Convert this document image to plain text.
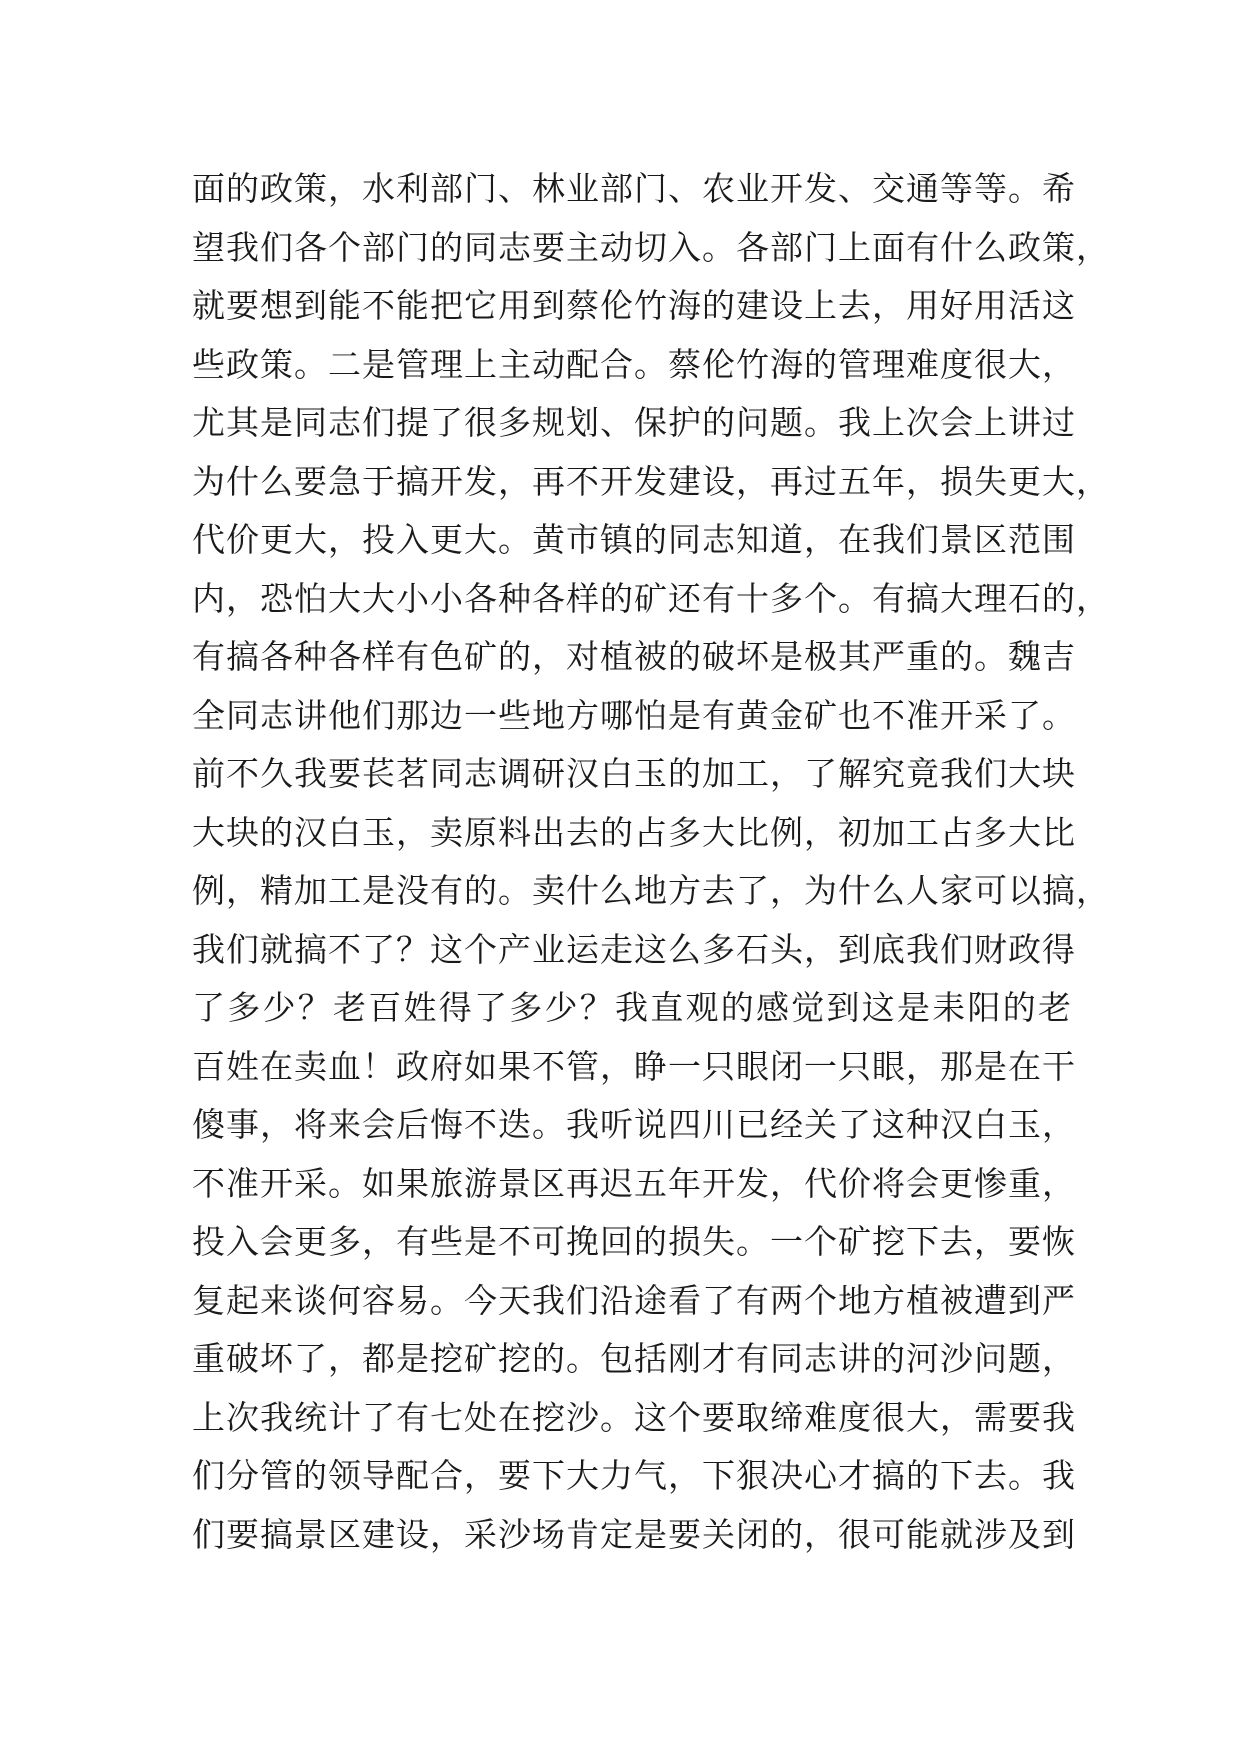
面的政策，水利部门、林业部门、农业开发、交通等等。希
望我们各个部门的同志要主动切入。各部门上面有什么政策，
就要想到能不能把它用到蔡伦竹海的建设上去，用好用活这
些政策。二是管理上主动配合。蔡伦竹海的管理难度很大，
尤其是同志们提了很多规划、保护的问题。我上次会上讲过
为什么要急于搞开发，再不开发建设，再过五年，损失更大，
代价更大，投入更大。黄市镇的同志知道，在我们景区范围
内，恐怕大大小小各种各样的矿还有十多个。有搞大理石的，
有搞各种各样有色矿的，对植被的破坏是极其严重的。魏吉
全同志讲他们那边一些地方哪怕是有黄金矿也不准开采了。
前不久我要苌茗同志调研汉白玉的加工，了解究竟我们大块
大块的汉白玉，卖原料出去的占多大比例，初加工占多大比
例，精加工是没有的。卖什么地方去了，为什么人家可以搞，
我们就搞不了？这个产业运走这么多石头，到底我们财政得
了多少？老百姓得了多少？我直观的感觉到这是耒阳的老
百姓在卖血！政府如果不管，睁一只眼闭一只眼，那是在干
傻事，将来会后悔不迭。我听说四川已经关了这种汉白玉，
不准开采。如果旅游景区再迟五年开发，代价将会更惨重，
投入会更多，有些是不可挽回的损失。一个矿挖下去，要恢
复起来谈何容易。今天我们沿途看了有两个地方植被遭到严
重破坏了，都是挖矿挖的。包括刚才有同志讲的河沙问题，
上次我统计了有七处在挖沙。这个要取缔难度很大，需要我
们分管的领导配合，要下大力气，下狠决心才搞的下去。我
们要搞景区建设，采沙场肯定是要关闭的，很可能就涉及到
